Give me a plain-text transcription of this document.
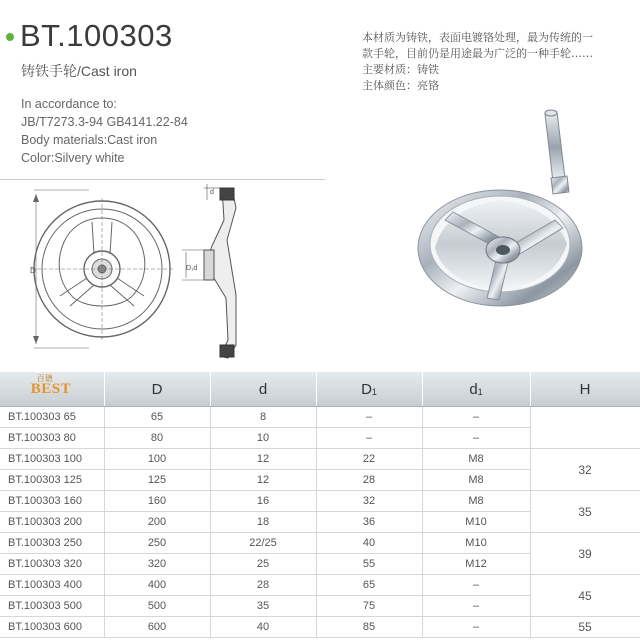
BT.100303
铸铁手轮/Cast iron
In accordance to:
JB/T7273.3-94 GB4141.22-84
Body materials:Cast iron
Color:Silvery white
本材质为铸铁，表面电镀铬处理，最为传统的一
款手轮，目前仍是用途最为广泛的一种手轮……
主要材质：铸铁
主体颜色：亮铬
D	D₁d
d
百德
BEST	D	d	D1	d1	H
BT.100303 65	65	8	–	–	
BT.100303 80	80	10	–	–	
BT.100303 100	100	12	22	M8	32
BT.100303 125	125	12	28	M8	
BT.100303 160	160	16	32	M8	35
BT.100303 200	200	18	36	M10	
BT.100303 250	250	22/25	40	M10	39
BT.100303 320	320	25	55	M12	
BT.100303 400	400	28	65	–	45
BT.100303 500	500	35	75	–	
BT.100303 600	600	40	85	–	55
